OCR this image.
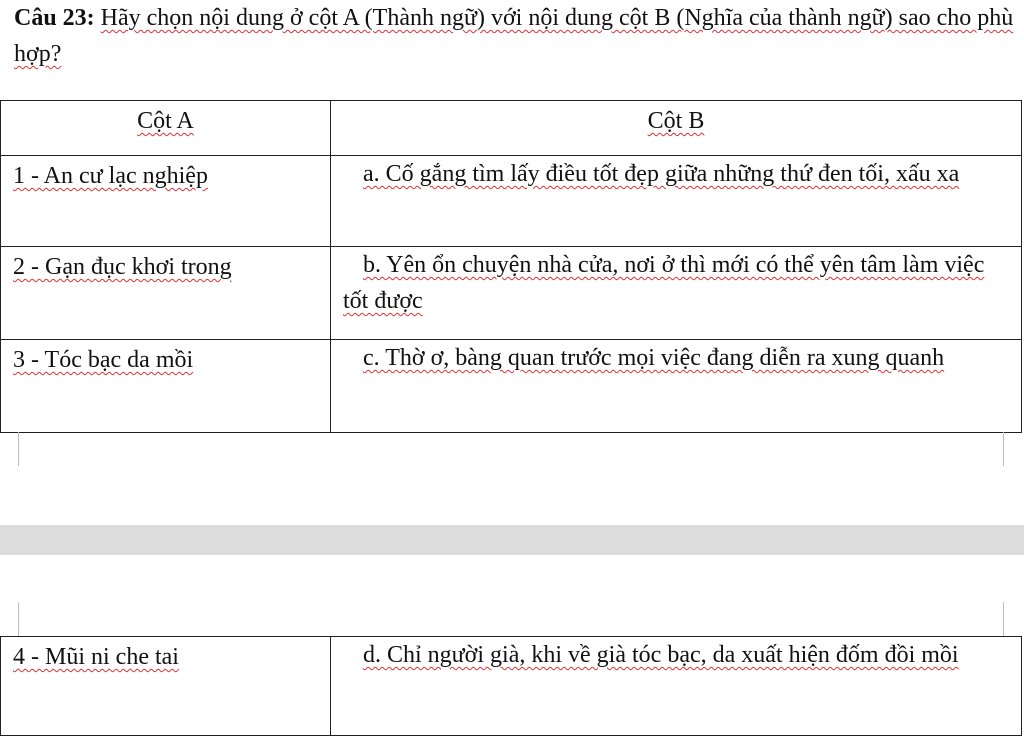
Câu 23: Hãy chọn nội dung ở cột A (Thành ngữ) với nội dung cột B (Nghĩa của thành ngữ) sao cho phù hợp?
Cột A	Cột B
1 - An cư lạc nghiệp	a. Cố gắng tìm lấy điều tốt đẹp giữa những thứ đen tối, xấu xa
2 - Gạn đục khơi trong	b. Yên ổn chuyện nhà cửa, nơi ở thì mới có thể yên tâm làm việc tốt được
3 - Tóc bạc da mồi	c. Thờ ơ, bàng quan trước mọi việc đang diễn ra xung quanh
4 - Mũi ni che tai	d. Chỉ người già, khi về già tóc bạc, da xuất hiện đốm đồi mồi
